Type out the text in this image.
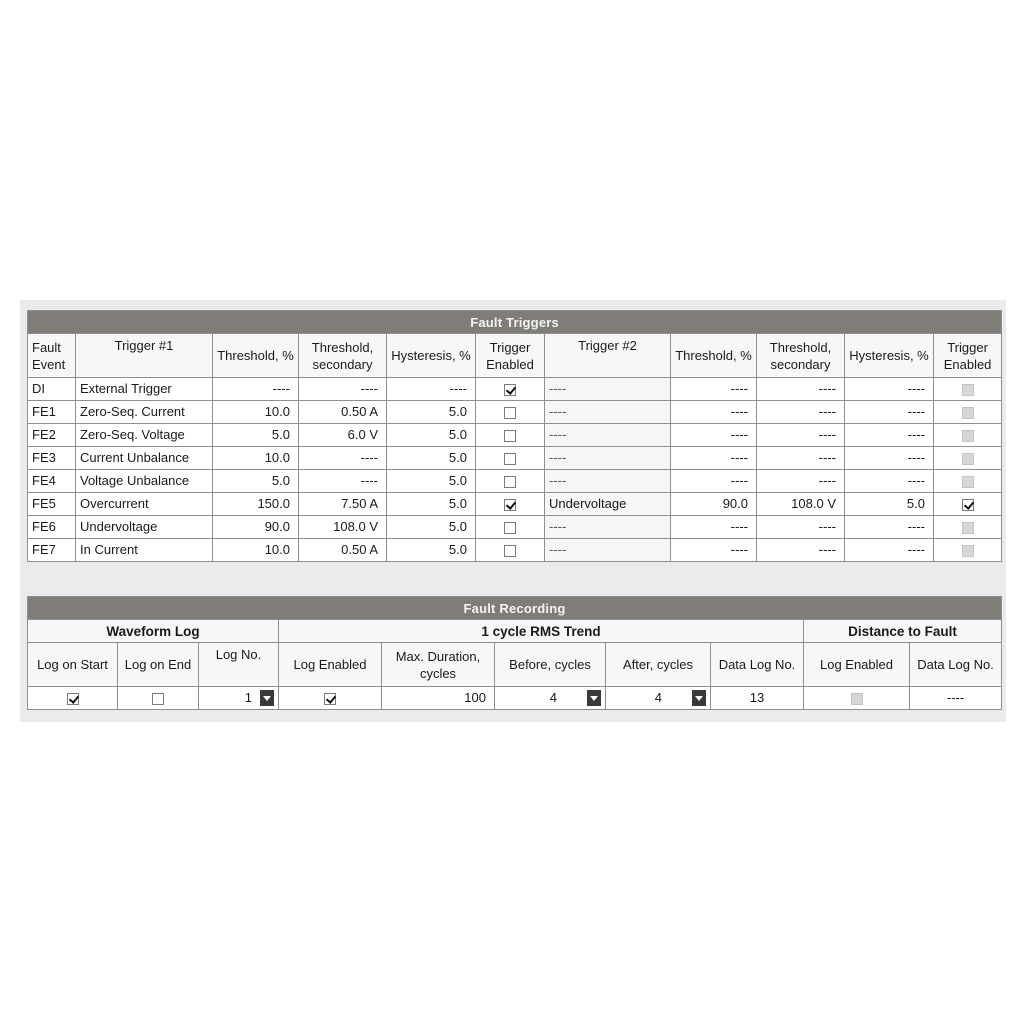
Fault Triggers										
Fault Event	Trigger #1	Threshold, %	Threshold, secondary	Hysteresis, %	Trigger Enabled	Trigger #2	Threshold, %	Threshold, secondary	Hysteresis, %	Trigger Enabled
DI	External Trigger	----	----	----		----	----	----	----	
FE1	Zero-Seq. Current	10.0	0.50 A	5.0		----	----	----	----	
FE2	Zero-Seq. Voltage	5.0	6.0 V	5.0		----	----	----	----	
FE3	Current Unbalance	10.0	----	5.0		----	----	----	----	
FE4	Voltage Unbalance	5.0	----	5.0		----	----	----	----	
FE5	Overcurrent	150.0	7.50 A	5.0		Undervoltage	90.0	108.0 V	5.0	
FE6	Undervoltage	90.0	108.0 V	5.0		----	----	----	----	
FE7	In Current	10.0	0.50 A	5.0		----	----	----	----	
Fault Recording									
Waveform Log			1 cycle RMS Trend					Distance to Fault	
Log on Start	Log on End	Log No.	Log Enabled	Max. Duration, cycles	Before, cycles	After, cycles	Data Log No.	Log Enabled	Data Log No.

		1		100	4	4	13		----
